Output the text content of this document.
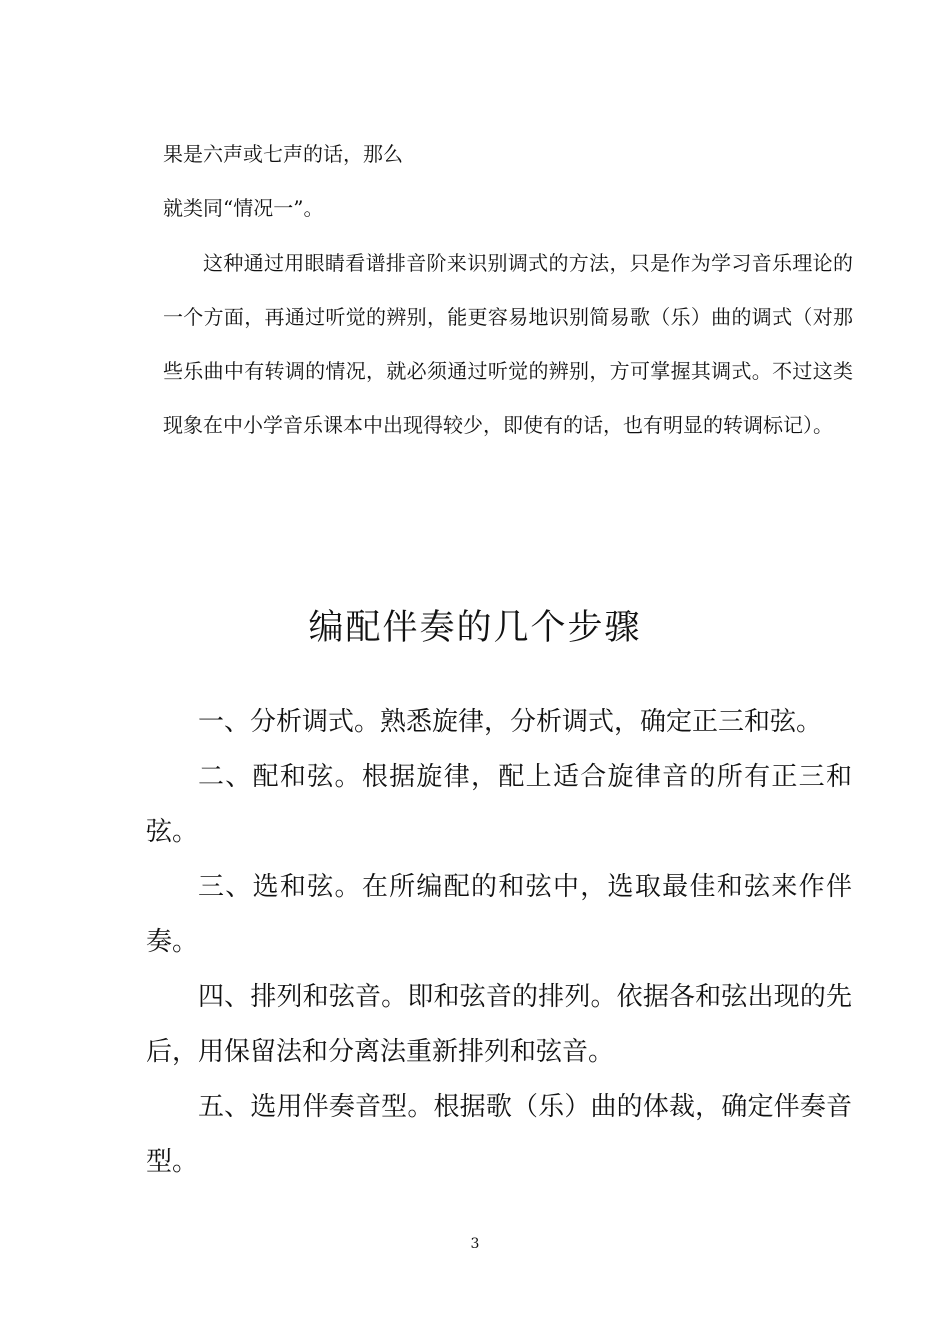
果是六声或七声的话，那么
就类同“情况一”。
这种通过用眼睛看谱排音阶来识别调式的方法，只是作为学习音乐理论的一个方面，再通过听觉的辨别，能更容易地识别简易歌（乐）曲的调式（对那些乐曲中有转调的情况，就必须通过听觉的辨别，方可掌握其调式。不过这类现象在中小学音乐课本中出现得较少，即使有的话，也有明显的转调标记）。
编配伴奏的几个步骤

一、分析调式。熟悉旋律，分析调式，确定正三和弦。

二、配和弦。根据旋律，配上适合旋律音的所有正三和弦。

三、选和弦。在所编配的和弦中，选取最佳和弦来作伴奏。

四、排列和弦音。即和弦音的排列。依据各和弦出现的先后，用保留法和分离法重新排列和弦音。

五、选用伴奏音型。根据歌（乐）曲的体裁，确定伴奏音型。

3
